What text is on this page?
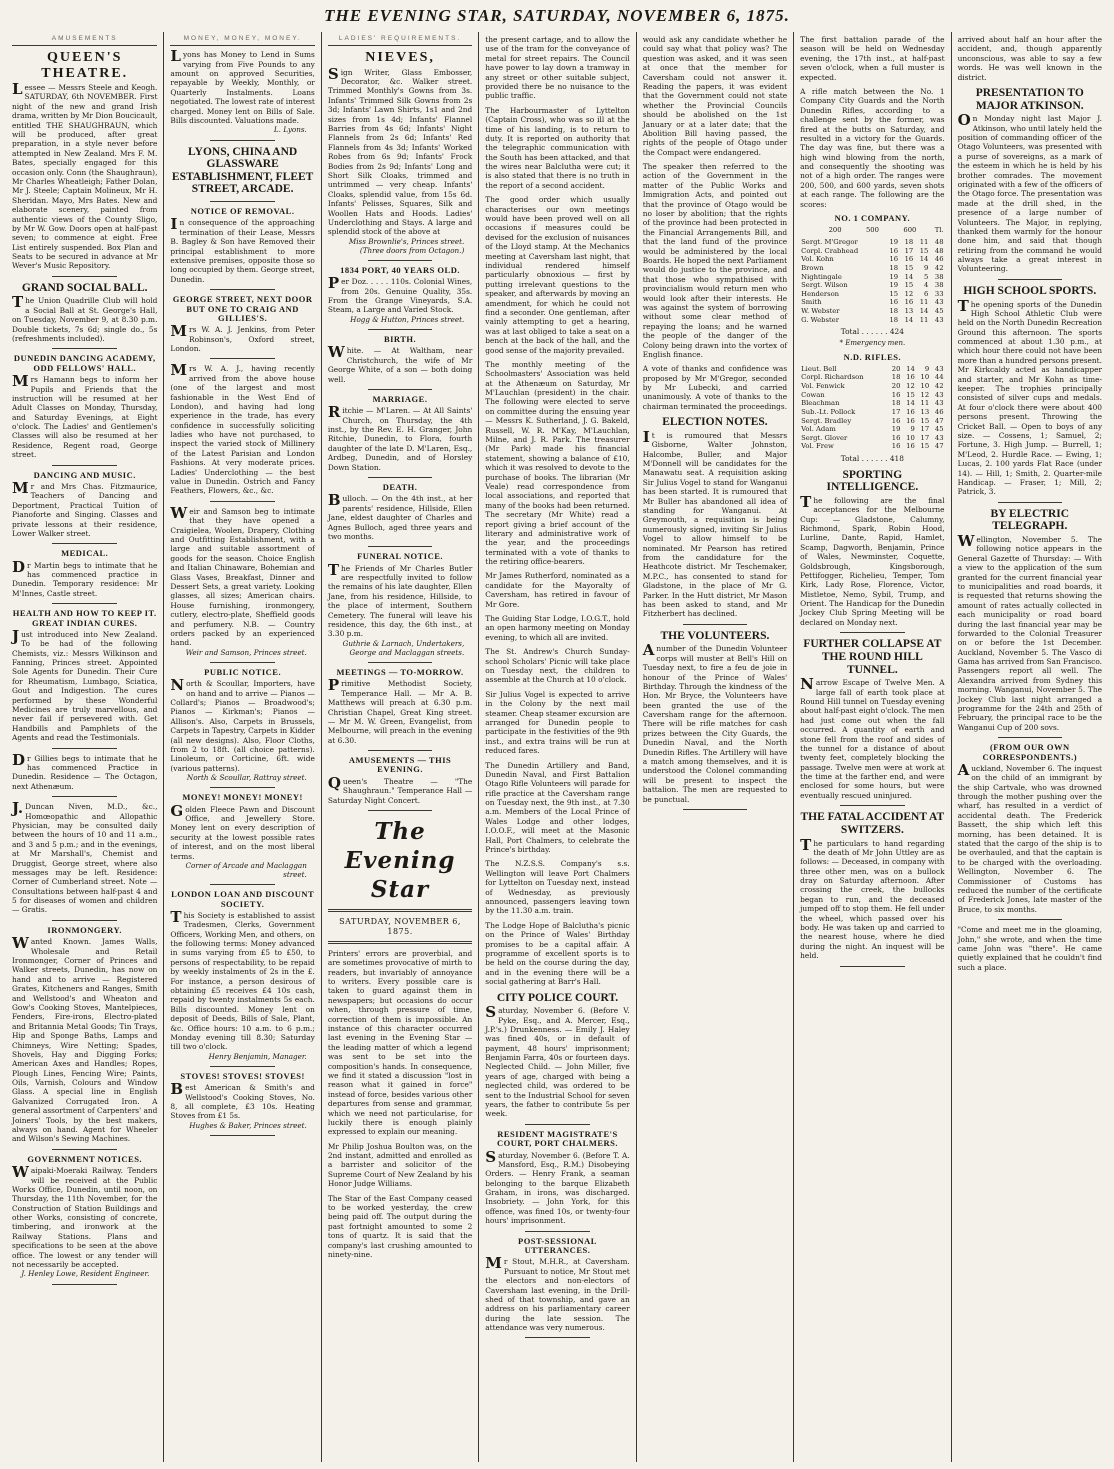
THE EVENING STAR, SATURDAY, NOVEMBER 6, 1875.
AMUSEMENTS
QUEEN'S THEATRE.
Lessee — Messrs Steele and Keogh. SATURDAY, 6th NOVEMBER. First night of the new and grand Irish drama, written by Mr Dion Boucicault, entitled THE SHAUGHRAUN, which will be produced, after great preparation, in a style never before attempted in New Zealand. Mrs F. M. Bates, specially engaged for this occasion only. Conn (the Shaughraun), Mr Charles Wheatleigh; Father Dolan, Mr J. Steele; Captain Molineux, Mr H. Sheridan. Mayo, Mrs Bates. New and elaborate scenery, painted from authentic views of the County Sligo, by Mr W. Gow. Doors open at half-past seven; to commence at eight. Free List entirely suspended. Box Plan and Seats to be secured in advance at Mr Wever's Music Repository.
GRAND SOCIAL BALL.
The Union Quadrille Club will hold a Social Ball at St. George's Hall, on Tuesday, November 9, at 8.30 p.m. Double tickets, 7s 6d; single do., 5s (refreshments included).
DUNEDIN DANCING ACADEMY, ODD FELLOWS' HALL.
Mrs Hamann begs to inform her Pupils and Friends that the instruction will be resumed at her Adult Classes on Monday, Thursday, and Saturday Evenings, at Eight o'clock. The Ladies' and Gentlemen's Classes will also be resumed at her Residence, Regent road, George street.
DANCING AND MUSIC.
Mr and Mrs Chas. Fitzmaurice, Teachers of Dancing and Deportment, Practical Tuition of Pianoforte and Singing. Classes and private lessons at their residence, Lower Walker street.
MEDICAL.
Dr Martin begs to intimate that he has commenced practice in Dunedin. Temporary residence: Mr M'Innes, Castle street.
HEALTH AND HOW TO KEEP IT. GREAT INDIAN CURES.
Just introduced into New Zealand. To be had of the following Chemists, viz.: Messrs Wilkinson and Fanning, Princes street. Appointed Sole Agents for Dunedin. Their Cure for Rheumatism, Lumbago, Sciatica, Gout and Indigestion. The cures performed by these Wonderful Medicines are truly marvellous, and never fail if persevered with. Get Handbills and Pamphlets of the Agents and read the Testimonials.
Dr Gillies begs to intimate that he has commenced Practice in Dunedin. Residence — The Octagon, next Athenæum.
J.Duncan Niven, M.D., &c., Homœopathic and Allopathic Physician, may be consulted daily between the hours of 10 and 11 a.m., and 3 and 5 p.m.; and in the evenings, at Mr Marshall's, Chemist and Druggist, George street, where also messages may be left. Residence: Corner of Cumberland street. Note — Consultations between half-past 4 and 5 for diseases of women and children — Gratis.
IRONMONGERY.
Wanted Known. James Walls, Wholesale and Retail Ironmonger, Corner of Princes and Walker streets, Dunedin, has now on hand and to arrive — Registered Grates, Kitcheners and Ranges, Smith and Wellstood's and Wheaton and Gow's Cooking Stoves, Mantelpieces, Fenders, Fire-irons, Electro-plated and Britannia Metal Goods; Tin Trays, Hip and Sponge Baths, Lamps and Chimneys, Wire Netting; Spades, Shovels, Hay and Digging Forks; American Axes and Handles; Ropes, Plough Lines, Fencing Wire; Paints, Oils, Varnish, Colours and Window Glass. A special line in English Galvanized Corrugated Iron. A general assortment of Carpenters' and Joiners' Tools, by the best makers, always on hand. Agent for Wheeler and Wilson's Sewing Machines.
GOVERNMENT NOTICES.
Waipaki-Moeraki Railway. Tenders will be received at the Public Works Office, Dunedin, until noon, on Thursday, the 11th November, for the Construction of Station Buildings and other Works, consisting of concrete, timbering, and ironwork at the Railway Stations. Plans and specifications to be seen at the above office. The lowest or any tender will not necessarily be accepted.
J. Henley Lowe, Resident Engineer.
MONEY, MONEY, MONEY.
Lyons has Money to Lend in Sums varying from Five Pounds to any amount on approved Securities, repayable by Weekly, Monthly, or Quarterly Instalments. Loans negotiated. The lowest rate of interest charged. Money lent on Bills of Sale. Bills discounted. Valuations made.
L. Lyons.
LYONS, CHINA AND GLASSWARE ESTABLISHMENT, FLEET STREET, ARCADE.
NOTICE OF REMOVAL.
In consequence of the approaching termination of their Lease, Messrs B. Bagley & Son have Removed their principal establishment to more extensive premises, opposite those so long occupied by them. George street, Dunedin.
GEORGE STREET, NEXT DOOR BUT ONE TO CRAIG AND GILLIES'S.
Mrs W. A. J. Jenkins, from Peter Robinson's, Oxford street, London.
Mrs W. A. J., having recently arrived from the above house (one of the largest and most fashionable in the West End of London), and having had long experience in the trade, has every confidence in successfully soliciting ladies who have not purchased, to inspect the varied stock of Millinery of the Latest Parisian and London Fashions. At very moderate prices. Ladies' Underclothing — the best value in Dunedin. Ostrich and Fancy Feathers, Flowers, &c., &c.
Weir and Samson beg to intimate that they have opened a Craigielea, Woolen, Drapery, Clothing and Outfitting Establishment, with a large and suitable assortment of goods for the season. Choice English and Italian Chinaware, Bohemian and Glass Vases, Breakfast, Dinner and Dessert Sets, a great variety. Looking glasses, all sizes; American chairs. House furnishing, ironmongery, cutlery, electro-plate, Sheffield goods and perfumery. N.B. — Country orders packed by an experienced hand.
Weir and Samson, Princes street.
PUBLIC NOTICE.
North & Scoullar, Importers, have on hand and to arrive — Pianos — Collard's; Pianos — Broadwood's; Pianos — Kirkman's; Pianos — Allison's. Also, Carpets in Brussels, Carpets in Tapestry, Carpets in Kidder (all new designs). Also, Floor Cloths, from 2 to 18ft. (all choice patterns). Linoleum, or Corticine, 6ft. wide (various patterns).
North & Scoullar, Rattray street.
MONEY! MONEY! MONEY!
Golden Fleece Pawn and Discount Office, and Jewellery Store. Money lent on every description of security at the lowest possible rates of interest, and on the most liberal terms.
Corner of Arcade and Maclaggan street.
LONDON LOAN AND DISCOUNT SOCIETY.
This Society is established to assist Tradesmen, Clerks, Government Officers, Working Men, and others, on the following terms: Money advanced in sums varying from £5 to £50, to persons of respectability, to be repaid by weekly instalments of 2s in the £. For instance, a person desirous of obtaining £5 receives £4 10s cash, repaid by twenty instalments 5s each. Bills discounted. Money lent on deposit of Deeds, Bills of Sale, Plant, &c. Office hours: 10 a.m. to 6 p.m.; Monday evening till 8.30; Saturday till two o'clock.
Henry Benjamin, Manager.
STOVES! STOVES! STOVES!
Best American & Smith's and Wellstood's Cooking Stoves, No. 8, all complete, £3 10s. Heating Stoves from £1 5s.
Hughes & Baker, Princes street.
LADIES' REQUIREMENTS.
NIEVES,
Sign Writer, Glass Embosser, Decorator, &c. Walker street. Trimmed Monthly's Gowns from 3s. Infants' Trimmed Silk Gowns from 2s 3d; Infants' Lawn Shirts, 1s1 and 2nd sizes from 1s 4d; Infants' Flannel Barries from 4s 6d; Infants' Night Flannels from 2s 6d; Infants' Red Flannels from 4s 3d; Infants' Worked Robes from 6s 9d; Infants' Frock Bodies from 2s 9d; Infants' Long and Short Silk Cloaks, trimmed and untrimmed — very cheap. Infants' Cloaks, splendid value, from 15s 6d. Infants' Pelisses, Squares, Silk and Woollen Hats and Hoods. Ladies' Underclothing and Stays. A large and splendid stock of the above at
Miss Brownlie's, Princes street. (Three doors from Octagon.)
1834 PORT, 40 YEARS OLD.
Per Doz. . . . . 110s. Colonial Wines, from 20s. Genuine Quality, 35s. From the Grange Vineyards, S.A. Steam, a Large and Varied Stock.
Hogg & Hutton, Princes street.
BIRTH.
White. — At Waltham, near Christchurch, the wife of Mr George White, of a son — both doing well.
MARRIAGE.
Ritchie — M'Laren. — At All Saints' Church, on Thursday, the 4th inst., by the Rev. E. H. Granger, John Ritchie, Dunedin, to Flora, fourth daughter of the late D. M'Laren, Esq., Ardbeg, Dunedin, and of Horsley Down Station.
DEATH.
Bulloch. — On the 4th inst., at her parents' residence, Hillside, Ellen Jane, eldest daughter of Charles and Agnes Bulloch, aged three years and two months.
FUNERAL NOTICE.
The Friends of Mr Charles Butler are respectfully invited to follow the remains of his late daughter, Ellen Jane, from his residence, Hillside, to the place of interment, Southern Cemetery. The funeral will leave his residence, this day, the 6th inst., at 3.30 p.m.
Guthrie & Larnach, Undertakers, George and Maclaggan streets.
MEETINGS — TO-MORROW.
Primitive Methodist Society, Temperance Hall. — Mr A. B. Matthews will preach at 6.30 p.m. Christian Chapel, Great King street. — Mr M. W. Green, Evangelist, from Melbourne, will preach in the evening at 6.30.
AMUSEMENTS — THIS EVENING.
Queen's Theatre — "The Shaughraun." Temperance Hall — Saturday Night Concert.
The Evening Star
SATURDAY, NOVEMBER 6, 1875.
Printers' errors are proverbial, and are sometimes provocative of mirth to readers, but invariably of annoyance to writers. Every possible care is taken to guard against them in newspapers; but occasions do occur when, through pressure of time, correction of them is impossible. An instance of this character occurred last evening in the Evening Star — the leading matter of which a legend was sent to be set into the composition's hands. In consequence, we find it stated a discussion "lost in reason what it gained in force" instead of force, besides various other departures from sense and grammar, which we need not particularise, for luckily there is enough plainly expressed to explain our meaning.
Mr Philip Joshua Boulton was, on the 2nd instant, admitted and enrolled as a barrister and solicitor of the Supreme Court of New Zealand by his Honor Judge Williams.
The Star of the East Company ceased to be worked yesterday, the crew being paid off. The output during the past fortnight amounted to some 2 tons of quartz. It is said that the company's last crushing amounted to ninety-nine.
the present cartage, and to allow the use of the tram for the conveyance of metal for street repairs. The Council have power to lay down a tramway in any street or other suitable subject, provided there be no nuisance to the public traffic.
The Harbourmaster of Lyttelton (Captain Cross), who was so ill at the time of his landing, is to return to duty. It is reported on authority that the telegraphic communication with the South has been attacked, and that the wires near Balclutha were cut; it is also stated that there is no truth in the report of a second accident.
The good order which usually characterises our own meetings would have been proved well on all occasions if measures could be devised for the exclusion of nuisances of the Lloyd stamp. At the Mechanics meeting at Caversham last night, that individual rendered himself particularly obnoxious — first by putting irrelevant questions to the speaker, and afterwards by moving an amendment, for which he could not find a seconder. One gentleman, after vainly attempting to get a hearing, was at last obliged to take a seat on a bench at the back of the hall, and the good sense of the majority prevailed.
The monthly meeting of the Schoolmasters' Association was held at the Athenæum on Saturday, Mr M'Lauchlan (president) in the chair. The following were elected to serve on committee during the ensuing year — Messrs K. Sutherland, J. G. Bakeld, Russell, W. R. M'Kay, M'Lauchlan, Milne, and J. R. Park. The treasurer (Mr Park) made his financial statement, showing a balance of £10, which it was resolved to devote to the purchase of books. The librarian (Mr Veale) read correspondence from local associations, and reported that many of the books had been returned. The secretary (Mr White) read a report giving a brief account of the literary and administrative work of the year, and the proceedings terminated with a vote of thanks to the retiring office-bearers.
Mr James Rutherford, nominated as a candidate for the Mayoralty of Caversham, has retired in favour of Mr Gore.
The Guiding Star Lodge, I.O.G.T., hold an open harmony meeting on Monday evening, to which all are invited.
The St. Andrew's Church Sunday-school Scholars' Picnic will take place on Tuesday next, the children to assemble at the Church at 10 o'clock.
Sir Julius Vogel is expected to arrive in the Colony by the next mail steamer. Cheap steamer excursion are arranged for Dunedin people to participate in the festivities of the 9th inst., and extra trains will be run at reduced fares.
The Dunedin Artillery and Band, Dunedin Naval, and First Battalion Otago Rifle Volunteers will parade for rifle practice at the Caversham range on Tuesday next, the 9th inst., at 7.30 a.m. Members of the Local Prince of Wales Lodge and other lodges, I.O.O.F., will meet at the Masonic Hall, Port Chalmers, to celebrate the Prince's birthday.
The N.Z.S.S. Company's s.s. Wellington will leave Port Chalmers for Lyttelton on Tuesday next, instead of Wednesday, as previously announced, passengers leaving town by the 11.30 a.m. train.
The Lodge Hope of Balclutha's picnic on the Prince of Wales' Birthday promises to be a capital affair. A programme of excellent sports is to be held on the course during the day, and in the evening there will be a social gathering at Barr's Hall.
CITY POLICE COURT.
Saturday, November 6. (Before V. Pyke, Esq., and A. Mercer, Esq., J.P.'s.) Drunkenness. — Emily J. Haley was fined 40s, or in default of payment, 48 hours' imprisonment; Benjamin Farra, 40s or fourteen days. Neglected Child. — John Miller, five years of age, charged with being a neglected child, was ordered to be sent to the Industrial School for seven years, the father to contribute 5s per week.
RESIDENT MAGISTRATE'S COURT, PORT CHALMERS.
Saturday, November 6. (Before T. A. Mansford, Esq., R.M.) Disobeying Orders. — Henry Frank, a seaman belonging to the barque Elizabeth Graham, in irons, was discharged. Insobriety. — John York, for this offence, was fined 10s, or twenty-four hours' imprisonment.
POST-SESSIONAL UTTERANCES.
Mr Stout, M.H.R., at Caversham. Pursuant to notice, Mr Stout met the electors and non-electors of Caversham last evening, in the Drill-shed of that township, and gave an address on his parliamentary career during the late session. The attendance was very numerous.
would ask any candidate whether he could say what that policy was? The question was asked, and it was seen at once that the member for Caversham could not answer it. Reading the papers, it was evident that the Government could not state whether the Provincial Councils should be abolished on the 1st January or at a later date; that the Abolition Bill having passed, the rights of the people of Otago under the Compact were endangered.
The speaker then referred to the action of the Government in the matter of the Public Works and Immigration Acts, and pointed out that the province of Otago would be no loser by abolition; that the rights of the province had been protected in the Financial Arrangements Bill, and that the land fund of the province would be administered by the local Boards. He hoped the next Parliament would do justice to the province, and that those who sympathised with provincialism would return men who would look after their interests. He was against the system of borrowing without some clear method of repaying the loans; and he warned the people of the danger of the Colony being drawn into the vortex of English finance.
A vote of thanks and confidence was proposed by Mr M'Gregor, seconded by Mr Lubecki, and carried unanimously. A vote of thanks to the chairman terminated the proceedings.
ELECTION NOTES.
It is rumoured that Messrs Gisborne, Walter Johnston, Halcombe, Buller, and Major M'Donnell will be candidates for the Manawatu seat. A requisition asking Sir Julius Vogel to stand for Wanganui has been started. It is rumoured that Mr Buller has abandoned all idea of standing for Wanganui. At Greymouth, a requisition is being numerously signed, inviting Sir Julius Vogel to allow himself to be nominated. Mr Pearson has retired from the candidature for the Heathcote district. Mr Teschemaker, M.P.C., has consented to stand for Gladstone, in the place of Mr G. Parker. In the Hutt district, Mr Mason has been asked to stand, and Mr Fitzherbert has declined.
THE VOLUNTEERS.
Anumber of the Dunedin Volunteer corps will muster at Bell's Hill on Tuesday next, to fire a feu de joie in honour of the Prince of Wales' Birthday. Through the kindness of the Hon. Mr Bryce, the Volunteers have been granted the use of the Caversham range for the afternoon. There will be rifle matches for cash prizes between the City Guards, the Dunedin Naval, and the North Dunedin Rifles. The Artillery will have a match among themselves, and it is understood the Colonel commanding will be present to inspect the battalion. The men are requested to be punctual.
The first battalion parade of the season will be held on Wednesday evening, the 17th inst., at half-past seven o'clock, when a full muster is expected.
A rifle match between the No. 1 Company City Guards and the North Dunedin Rifles, according to a challenge sent by the former, was fired at the butts on Saturday, and resulted in a victory for the Guards. The day was fine, but there was a high wind blowing from the north, and consequently the shooting was not of a high order. The ranges were 200, 500, and 600 yards, seven shots at each range. The following are the scores:
NO. 1 COMPANY.
	200	500	600	Tl.
Sergt. M'Gregor	19	18	11	48
Corpl. Crabhead	16	17	15	48
Vol. Kohn	16	16	14	46
Brown	18	15	9	42
Nightingale	19	14	5	38
Sergt. Wilson	19	15	4	38
Henderson	15	12	6	33
Smith	16	16	11	43
W. Webster	18	13	14	45
G. Webster	18	14	11	43
Total . . . . . . 424
* Emergency men.
N.D. RIFLES.
Lieut. Bell	20	14	9	43
Corpl. Richardson	18	16	10	44
Vol. Fenwick	20	12	10	42
Cowan	16	15	12	43
Bleachman	18	14	11	43
Sub.-Lt. Pollock	17	16	13	46
Sergt. Bradley	16	16	15	47
Vol. Adam	19	9	17	45
Sergt. Glover	16	10	17	43
Vol. Frew	16	16	15	47
Total . . . . . . 418
SPORTING INTELLIGENCE.
The following are the final acceptances for the Melbourne Cup: — Gladstone, Calumny, Richmond, Spark, Robin Hood, Lurline, Dante, Rapid, Hamlet, Scamp, Dagworth, Benjamin, Prince of Wales, Newminster, Coquette, Goldsbrough, Kingsborough, Pettifogger, Richelieu, Temper, Tom Kirk, Lady Rose, Florence, Victor, Mistletoe, Nemo, Sybil, Trump, and Orient. The Handicap for the Dunedin Jockey Club Spring Meeting will be declared on Monday next.
FURTHER COLLAPSE AT THE ROUND HILL TUNNEL.
Narrow Escape of Twelve Men. A large fall of earth took place at Round Hill tunnel on Tuesday evening about half-past eight o'clock. The men had just come out when the fall occurred. A quantity of earth and stone fell from the roof and sides of the tunnel for a distance of about twenty feet, completely blocking the passage. Twelve men were at work at the time at the farther end, and were enclosed for some hours, but were eventually rescued uninjured.
THE FATAL ACCIDENT AT SWITZERS.
The particulars to hand regarding the death of Mr John Uttley are as follows: — Deceased, in company with three other men, was on a bullock dray on Saturday afternoon. After crossing the creek, the bullocks began to run, and the deceased jumped off to stop them. He fell under the wheel, which passed over his body. He was taken up and carried to the nearest house, where he died during the night. An inquest will be held.
arrived about half an hour after the accident, and, though apparently unconscious, was able to say a few words. He was well known in the district.
PRESENTATION TO MAJOR ATKINSON.
On Monday night last Major J. Atkinson, who until lately held the position of commanding officer of the Otago Volunteers, was presented with a purse of sovereigns, as a mark of the esteem in which he is held by his brother comrades. The movement originated with a few of the officers of the Otago force. The presentation was made at the drill shed, in the presence of a large number of Volunteers. The Major, in replying, thanked them warmly for the honour done him, and said that though retiring from the command he would always take a great interest in Volunteering.
HIGH SCHOOL SPORTS.
The opening sports of the Dunedin High School Athletic Club were held on the North Dunedin Recreation Ground this afternoon. The sports commenced at about 1.30 p.m., at which hour there could not have been more than a hundred persons present. Mr Kirkcaldy acted as handicapper and starter, and Mr Kohn as time-keeper. The trophies principally consisted of silver cups and medals. At four o'clock there were about 400 persons present. Throwing the Cricket Ball. — Open to boys of any size. — Cossens, 1; Samuel, 2; Fortune, 3. High Jump. — Burrell, 1; M'Leod, 2. Hurdle Race. — Ewing, 1; Lucas, 2. 100 yards Flat Race (under 14). — Hill, 1; Smith, 2. Quarter-mile Handicap. — Fraser, 1; Mill, 2; Patrick, 3.
BY ELECTRIC TELEGRAPH.
Wellington, November 5. The following notice appears in the General Gazette of Thursday: — With a view to the application of the sum granted for the current financial year to municipalities and road boards, it is requested that returns showing the amount of rates actually collected in each municipality or road board during the last financial year may be forwarded to the Colonial Treasurer on or before the 1st December. Auckland, November 5. The Vasco di Gama has arrived from San Francisco. Passengers report all well. The Alexandra arrived from Sydney this morning. Wanganui, November 5. The Jockey Club last night arranged a programme for the 24th and 25th of February, the principal race to be the Wanganui Cup of 200 sovs.
(FROM OUR OWN CORRESPONDENTS.)
Auckland, November 6. The inquest on the child of an immigrant by the ship Cartvale, who was drowned through the mother pushing over the wharf, has resulted in a verdict of accidental death. The Frederick Bassett, the ship which left this morning, has been detained. It is stated that the cargo of the ship is to be overhauled, and that the captain is to be charged with the overloading. Wellington, November 6. The Commissioner of Customs has reduced the number of the certificate of Frederick Jones, late master of the Bruce, to six months.
"Come and meet me in the gloaming, John," she wrote, and when the time came John was "there". He came quietly explained that he couldn't find such a place.
